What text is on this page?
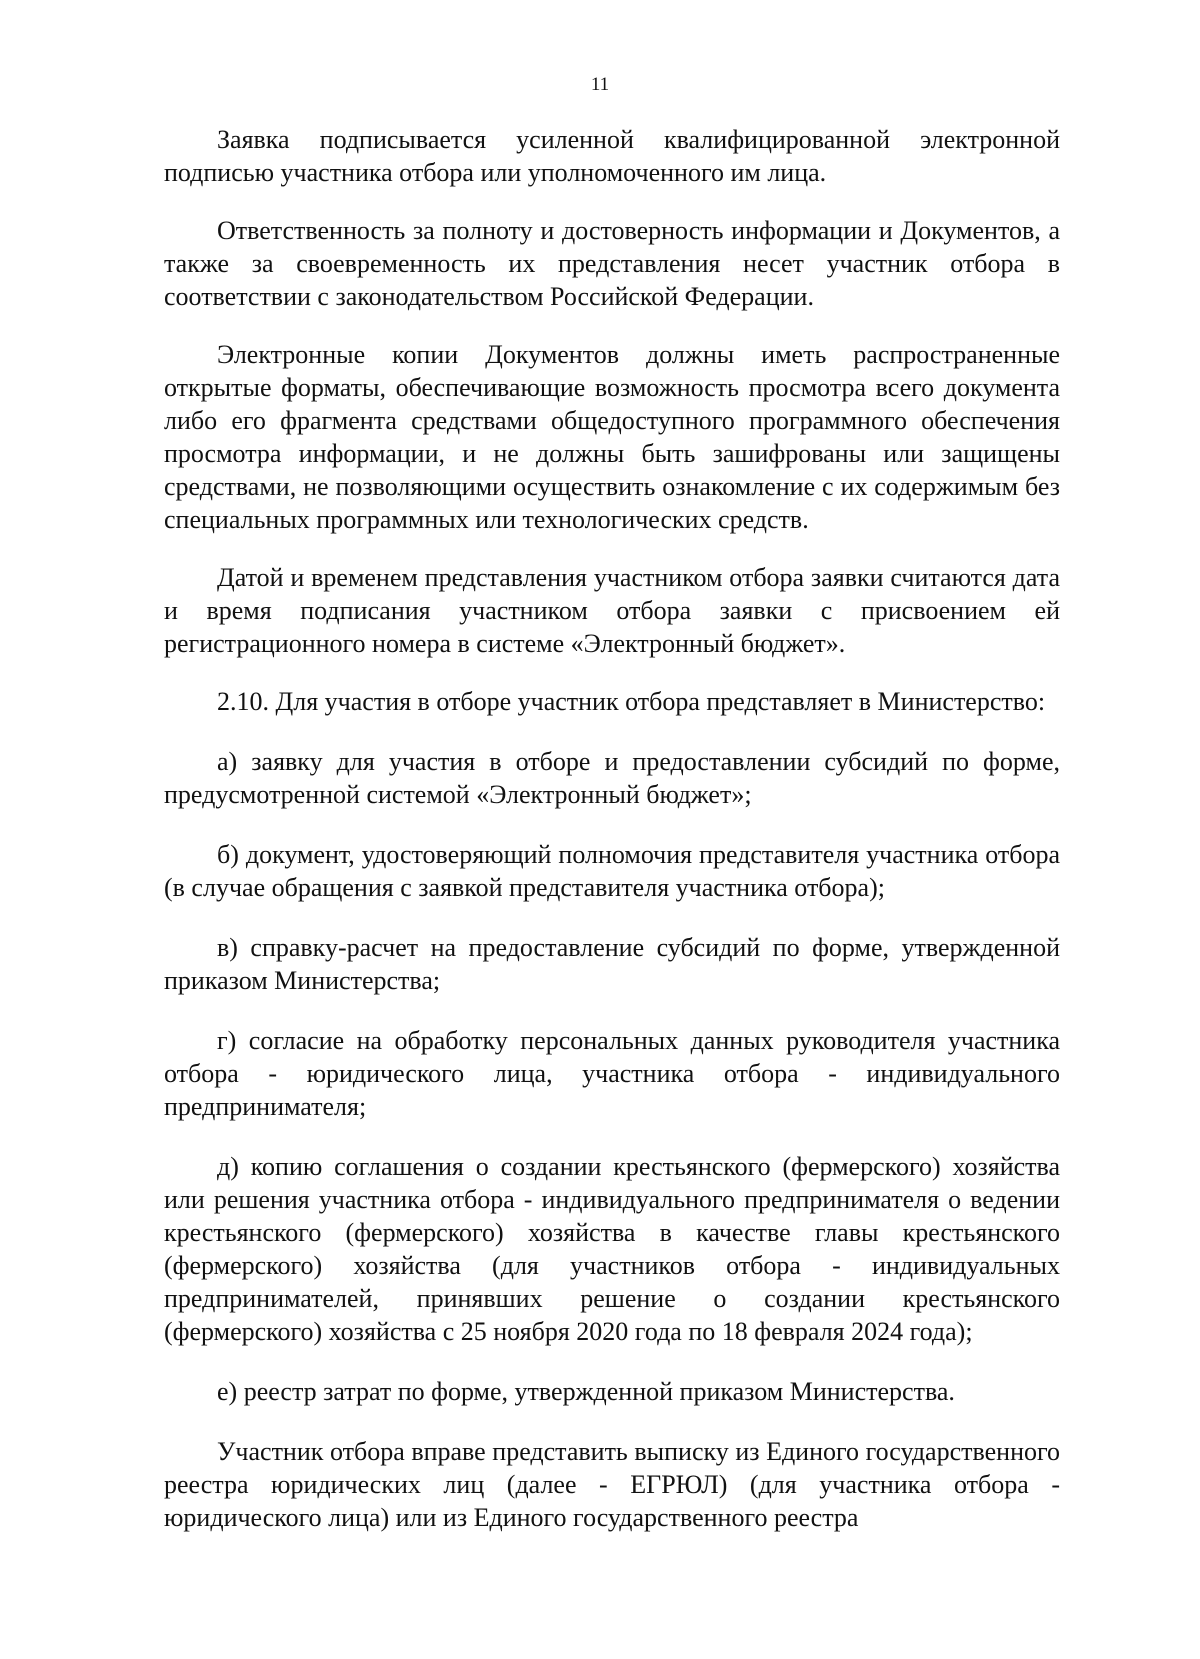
11

Заявка подписывается усиленной квалифицированной электронной подписью участника отбора или уполномоченного им лица.

Ответственность за полноту и достоверность информации и Документов, а также за своевременность их представления несет участник отбора в соответствии с законодательством Российской Федерации.

Электронные копии Документов должны иметь распространенные открытые форматы, обеспечивающие возможность просмотра всего документа либо его фрагмента средствами общедоступного программного обеспечения просмотра информации, и не должны быть зашифрованы или защищены средствами, не позволяющими осуществить ознакомление с их содержимым без специальных программных или технологических средств.

Датой и временем представления участником отбора заявки считаются дата и время подписания участником отбора заявки с присвоением ей регистрационного номера в системе «Электронный бюджет».

2.10. Для участия в отборе участник отбора представляет в Министерство:

а) заявку для участия в отборе и предоставлении субсидий по форме, предусмотренной системой «Электронный бюджет»;

б) документ, удостоверяющий полномочия представителя участника отбора (в случае обращения с заявкой представителя участника отбора);

в) справку-расчет на предоставление субсидий по форме, утвержденной приказом Министерства;

г) согласие на обработку персональных данных руководителя участника отбора - юридического лица, участника отбора - индивидуального предпринимателя;

д) копию соглашения о создании крестьянского (фермерского) хозяйства или решения участника отбора - индивидуального предпринимателя о ведении крестьянского (фермерского) хозяйства в качестве главы крестьянского (фермерского) хозяйства (для участников отбора - индивидуальных предпринимателей, принявших решение о создании крестьянского (фермерского) хозяйства с 25 ноября 2020 года по 18 февраля 2024 года);

е) реестр затрат по форме, утвержденной приказом Министерства.

Участник отбора вправе представить выписку из Единого государственного реестра юридических лиц (далее - ЕГРЮЛ) (для участника отбора - юридического лица) или из Единого государственного реестра
